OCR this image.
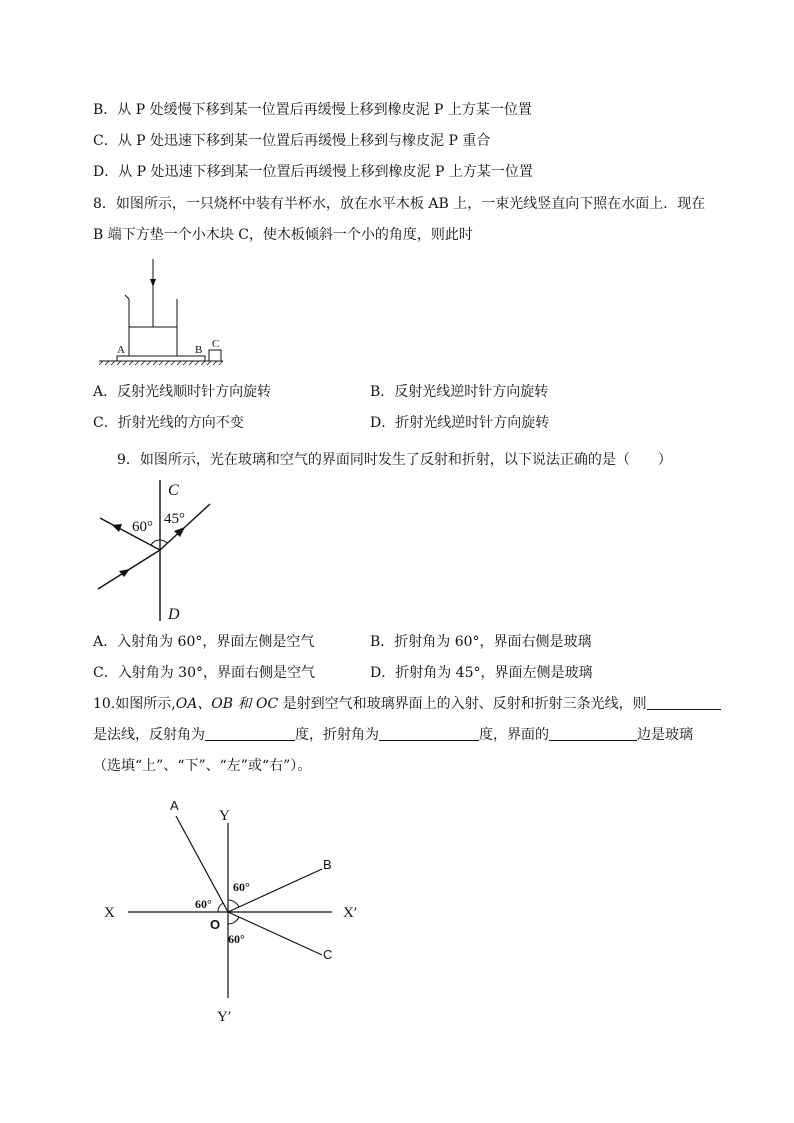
B．从 P 处缓慢下移到某一位置后再缓慢上移到橡皮泥 P 上方某一位置
C．从 P 处迅速下移到某一位置后再缓慢上移到与橡皮泥 P 重合
D．从 P 处迅速下移到某一位置后再缓慢上移到橡皮泥 P 上方某一位置
8．如图所示，一只烧杯中装有半杯水，放在水平木板 AB 上，一束光线竖直向下照在水面上．现在
B 端下方垫一个小木块 C，使木板倾斜一个小的角度，则此时
A	B C
A．反射光线顺时针方向旋转	B．反射光线逆时针方向旋转
C．折射光线的方向不变	D．折射光线逆时针方向旋转
9．如图所示，光在玻璃和空气的界面同时发生了反射和折射，以下说法正确的是（　　）
C
D
60° 45°
A．入射角为 60°，界面左侧是空气	B．折射角为 60°，界面右侧是玻璃
C．入射角为 30°，界面右侧是空气	D．折射角为 45°，界面左侧是玻璃
10.如图所示,OA、OB 和 OC 是射到空气和玻璃界面上的入射、反射和折射三条光线，则
是法线，反射角为	度，折射角为	度，界面的	边是玻璃
（选填“上”、“下”、“左”或“右”）。
A
B
C
X	X′
Y
Y′
O
60°
60°
60°
